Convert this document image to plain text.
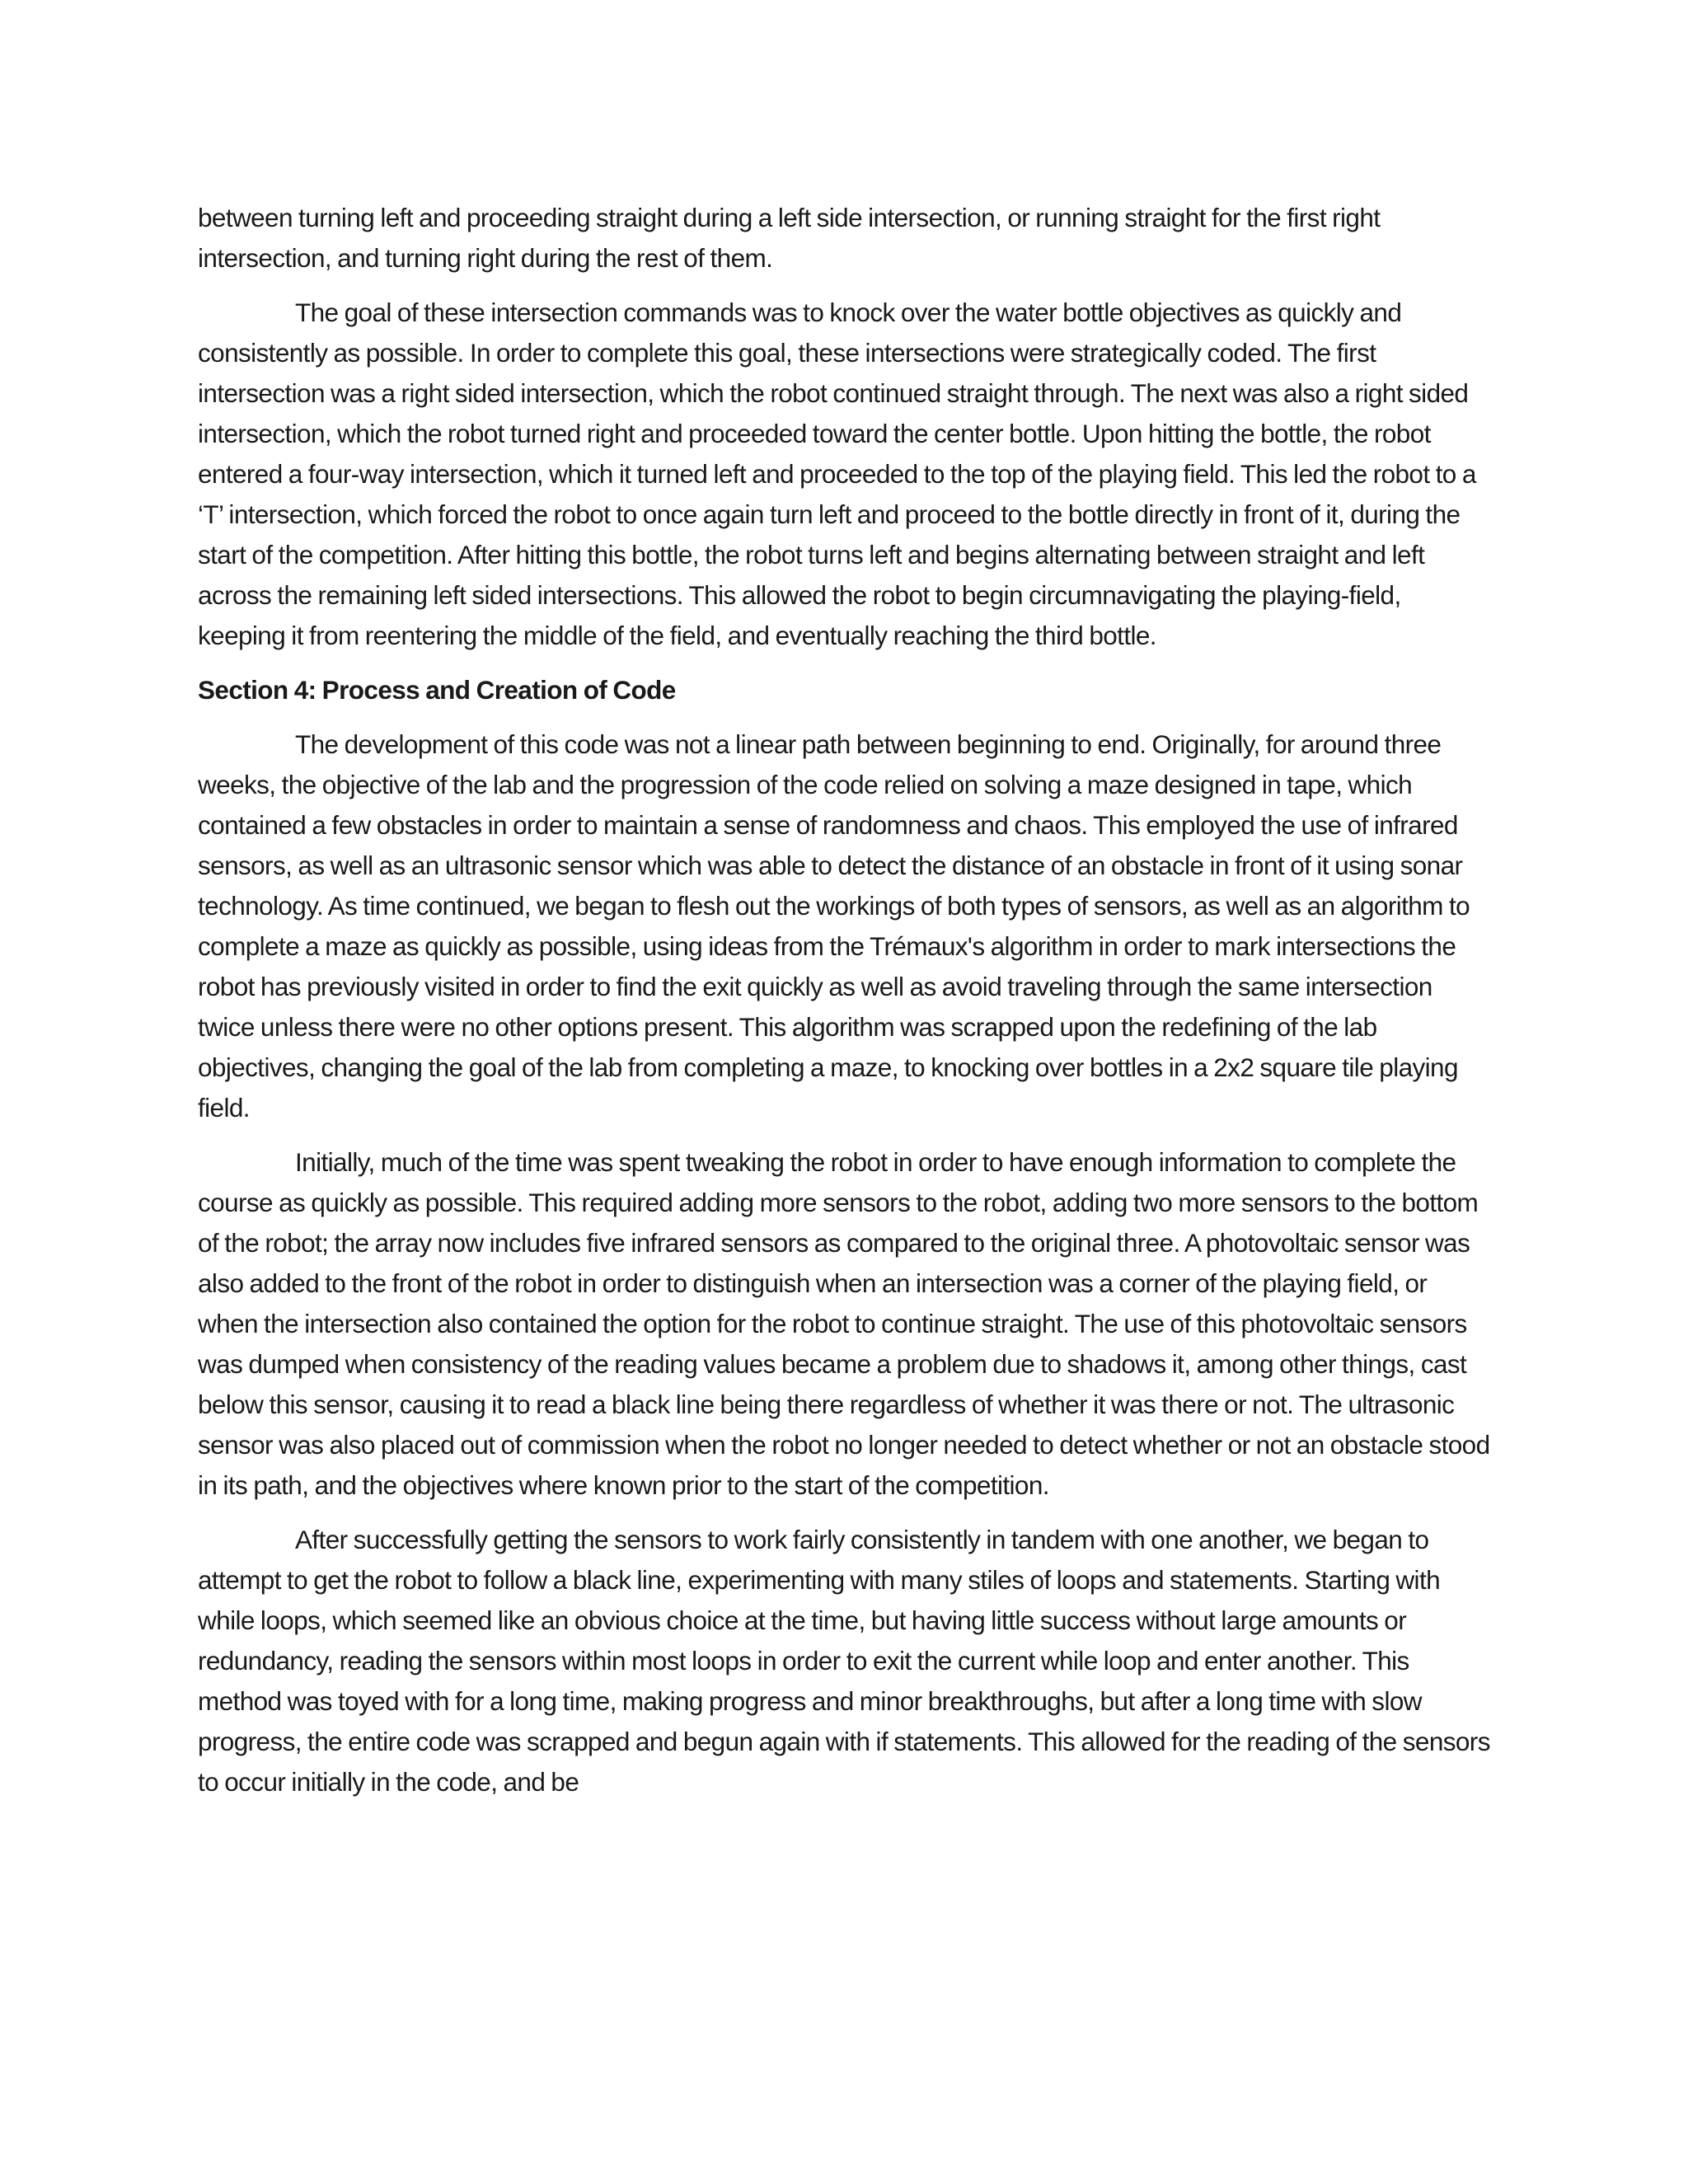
between turning left and proceeding straight during a left side intersection, or running straight for the first right intersection, and turning right during the rest of them.

The goal of these intersection commands was to knock over the water bottle objectives as quickly and consistently as possible. In order to complete this goal, these intersections were strategically coded. The first intersection was a right sided intersection, which the robot continued straight through. The next was also a right sided intersection, which the robot turned right and proceeded toward the center bottle. Upon hitting the bottle, the robot entered a four-way intersection, which it turned left and proceeded to the top of the playing field. This led the robot to a ‘T’ intersection, which forced the robot to once again turn left and proceed to the bottle directly in front of it, during the start of the competition. After hitting this bottle, the robot turns left and begins alternating between straight and left across the remaining left sided intersections. This allowed the robot to begin circumnavigating the playing-field, keeping it from reentering the middle of the field, and eventually reaching the third bottle.

Section 4: Process and Creation of Code

The development of this code was not a linear path between beginning to end. Originally, for around three weeks, the objective of the lab and the progression of the code relied on solving a maze designed in tape, which contained a few obstacles in order to maintain a sense of randomness and chaos. This employed the use of infrared sensors, as well as an ultrasonic sensor which was able to detect the distance of an obstacle in front of it using sonar technology. As time continued, we began to flesh out the workings of both types of sensors, as well as an algorithm to complete a maze as quickly as possible, using ideas from the Trémaux's algorithm in order to mark intersections the robot has previously visited in order to find the exit quickly as well as avoid traveling through the same intersection twice unless there were no other options present. This algorithm was scrapped upon the redefining of the lab objectives, changing the goal of the lab from completing a maze, to knocking over bottles in a 2x2 square tile playing field.

Initially, much of the time was spent tweaking the robot in order to have enough information to complete the course as quickly as possible. This required adding more sensors to the robot, adding two more sensors to the bottom of the robot; the array now includes five infrared sensors as compared to the original three. A photovoltaic sensor was also added to the front of the robot in order to distinguish when an intersection was a corner of the playing field, or when the intersection also contained the option for the robot to continue straight. The use of this photovoltaic sensors was dumped when consistency of the reading values became a problem due to shadows it, among other things, cast below this sensor, causing it to read a black line being there regardless of whether it was there or not. The ultrasonic sensor was also placed out of commission when the robot no longer needed to detect whether or not an obstacle stood in its path, and the objectives where known prior to the start of the competition.

After successfully getting the sensors to work fairly consistently in tandem with one another, we began to attempt to get the robot to follow a black line, experimenting with many stiles of loops and statements. Starting with while loops, which seemed like an obvious choice at the time, but having little success without large amounts or redundancy, reading the sensors within most loops in order to exit the current while loop and enter another. This method was toyed with for a long time, making progress and minor breakthroughs, but after a long time with slow progress, the entire code was scrapped and begun again with if statements. This allowed for the reading of the sensors to occur initially in the code, and be
